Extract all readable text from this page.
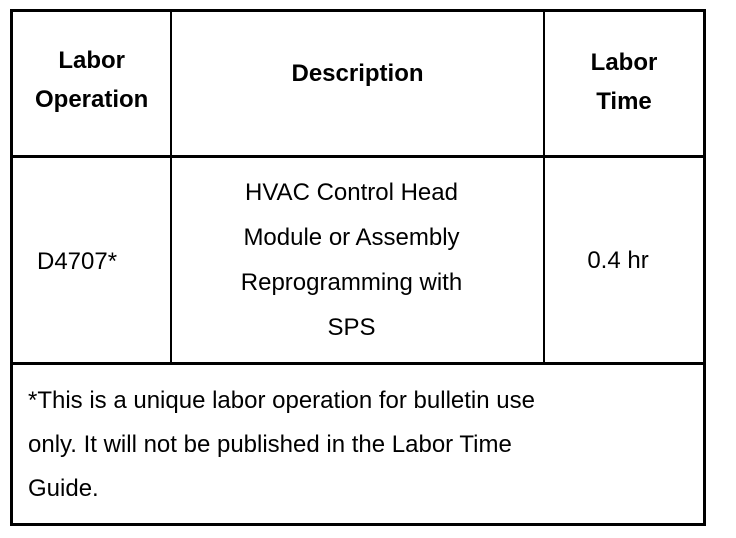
Labor
Operation
Description	Labor
Time
D4707*
HVAC Control Head
Module or Assembly
Reprogramming with
SPS
0.4 hr
*This is a unique labor operation for bulletin use
only. It will not be published in the Labor Time
Guide.
